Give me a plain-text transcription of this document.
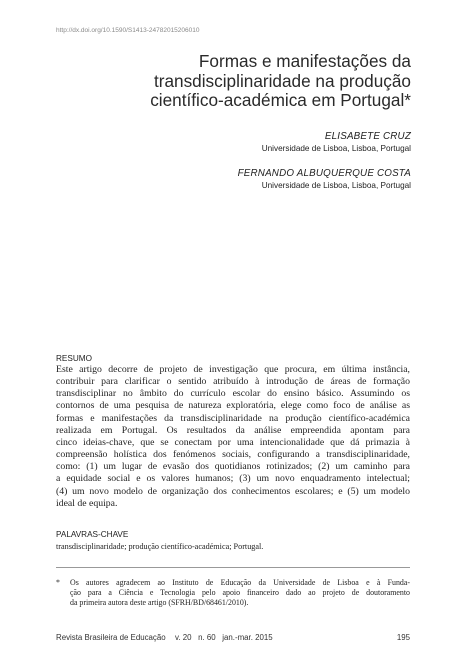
http://dx.doi.org/10.1590/S1413-24782015206010
Formas e manifestações da
transdisciplinaridade na produção
científico-académica em Portugal*
ELISABETE CRUZ
Universidade de Lisboa, Lisboa, Portugal
FERNANDO ALBUQUERQUE COSTA
Universidade de Lisboa, Lisboa, Portugal
RESUMO
Este artigo decorre de projeto de investigação que procura, em última instância,
contribuir para clarificar o sentido atribuído à introdução de áreas de formação
transdisciplinar no âmbito do currículo escolar do ensino básico. Assumindo os
contornos de uma pesquisa de natureza exploratória, elege como foco de análise as
formas e manifestações da transdisciplinaridade na produção científico-académica
realizada em Portugal. Os resultados da análise empreendida apontam para
cinco ideias-chave, que se conectam por uma intencionalidade que dá primazia à
compreensão holística dos fenómenos sociais, configurando a transdisciplinaridade,
como: (1) um lugar de evasão dos quotidianos rotinizados; (2) um caminho para
a equidade social e os valores humanos; (3) um novo enquadramento intelectual;
(4) um novo modelo de organização dos conhecimentos escolares; e (5) um modelo
ideal de equipa.
PALAVRAS-CHAVE
transdisciplinaridade; produção científico-académica; Portugal.
* Os autores agradecem ao Instituto de Educação da Universidade de Lisboa e à Funda-
ção para a Ciência e Tecnologia pelo apoio financeiro dado ao projeto de doutoramento
da primeira autora deste artigo (SFRH/BD/68461/2010).
Revista Brasileira de Educação v. 20   n. 60   jan.-mar. 2015	195
